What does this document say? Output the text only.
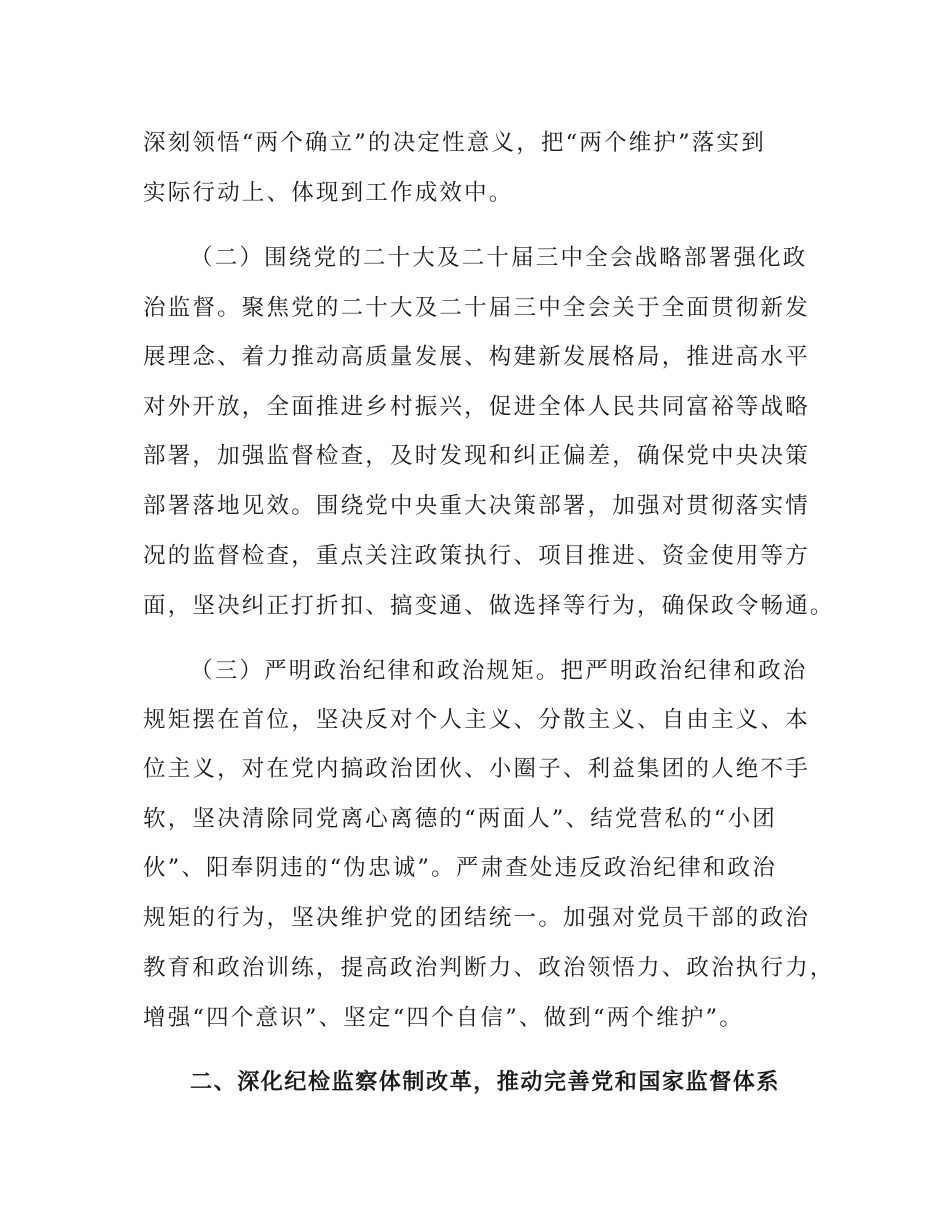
深刻领悟“两个确立”的决定性意义，把“两个维护”落实到
实际行动上、体现到工作成效中。
（二）围绕党的二十大及二十届三中全会战略部署强化政
治监督。聚焦党的二十大及二十届三中全会关于全面贯彻新发
展理念、着力推动高质量发展、构建新发展格局，推进高水平
对外开放，全面推进乡村振兴，促进全体人民共同富裕等战略
部署，加强监督检查，及时发现和纠正偏差，确保党中央决策
部署落地见效。围绕党中央重大决策部署，加强对贯彻落实情
况的监督检查，重点关注政策执行、项目推进、资金使用等方
面，坚决纠正打折扣、搞变通、做选择等行为，确保政令畅通。
（三）严明政治纪律和政治规矩。把严明政治纪律和政治
规矩摆在首位，坚决反对个人主义、分散主义、自由主义、本
位主义，对在党内搞政治团伙、小圈子、利益集团的人绝不手
软，坚决清除同党离心离德的“两面人”、结党营私的“小团
伙”、阳奉阴违的“伪忠诚”。严肃查处违反政治纪律和政治
规矩的行为，坚决维护党的团结统一。加强对党员干部的政治
教育和政治训练，提高政治判断力、政治领悟力、政治执行力，
增强“四个意识”、坚定“四个自信”、做到“两个维护”。
二、深化纪检监察体制改革，推动完善党和国家监督体系
